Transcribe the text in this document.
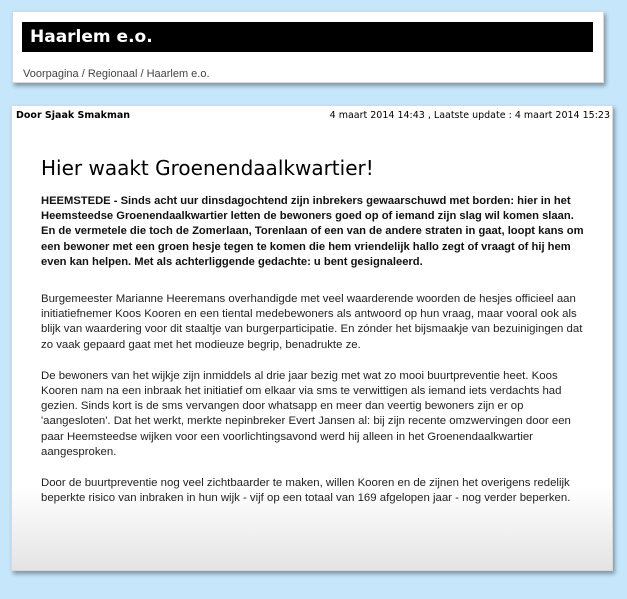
Haarlem e.o.
Voorpagina / Regionaal / Haarlem e.o.
Door Sjaak Smakman	4 maart 2014 14:43 , Laatste update : 4 maart 2014 15:23
Hier waakt Groenendaalkwartier!

HEEMSTEDE - Sinds acht uur dinsdagochtend zijn inbrekers gewaarschuwd met borden: hier in het Heemsteedse Groenendaalkwartier letten de bewoners goed op of iemand zijn slag wil komen slaan. En de vermetele die toch de Zomerlaan, Torenlaan of een van de andere straten in gaat, loopt kans om een bewoner met een groen hesje tegen te komen die hem vriendelijk hallo zegt of vraagt of hij hem even kan helpen. Met als achterliggende gedachte: u bent gesignaleerd.

Burgemeester Marianne Heeremans overhandigde met veel waarderende woorden de hesjes officieel aan initiatiefnemer Koos Kooren en een tiental medebewoners als antwoord op hun vraag, maar vooral ook als blijk van waardering voor dit staaltje van burgerparticipatie. En zónder het bijsmaakje van bezuinigingen dat zo vaak gepaard gaat met het modieuze begrip, benadrukte ze.

De bewoners van het wijkje zijn inmiddels al drie jaar bezig met wat zo mooi buurtpreventie heet. Koos Kooren nam na een inbraak het initiatief om elkaar via sms te verwittigen als iemand iets verdachts had gezien. Sinds kort is de sms vervangen door whatsapp en meer dan veertig bewoners zijn er op 'aangesloten'. Dat het werkt, merkte nepinbreker Evert Jansen al: bij zijn recente omzwervingen door een paar Heemsteedse wijken voor een voorlichtingsavond werd hij alleen in het Groenendaalkwartier aangesproken.

Door de buurtpreventie nog veel zichtbaarder te maken, willen Kooren en de zijnen het overigens redelijk beperkte risico van inbraken in hun wijk - vijf op een totaal van 169 afgelopen jaar - nog verder beperken.
